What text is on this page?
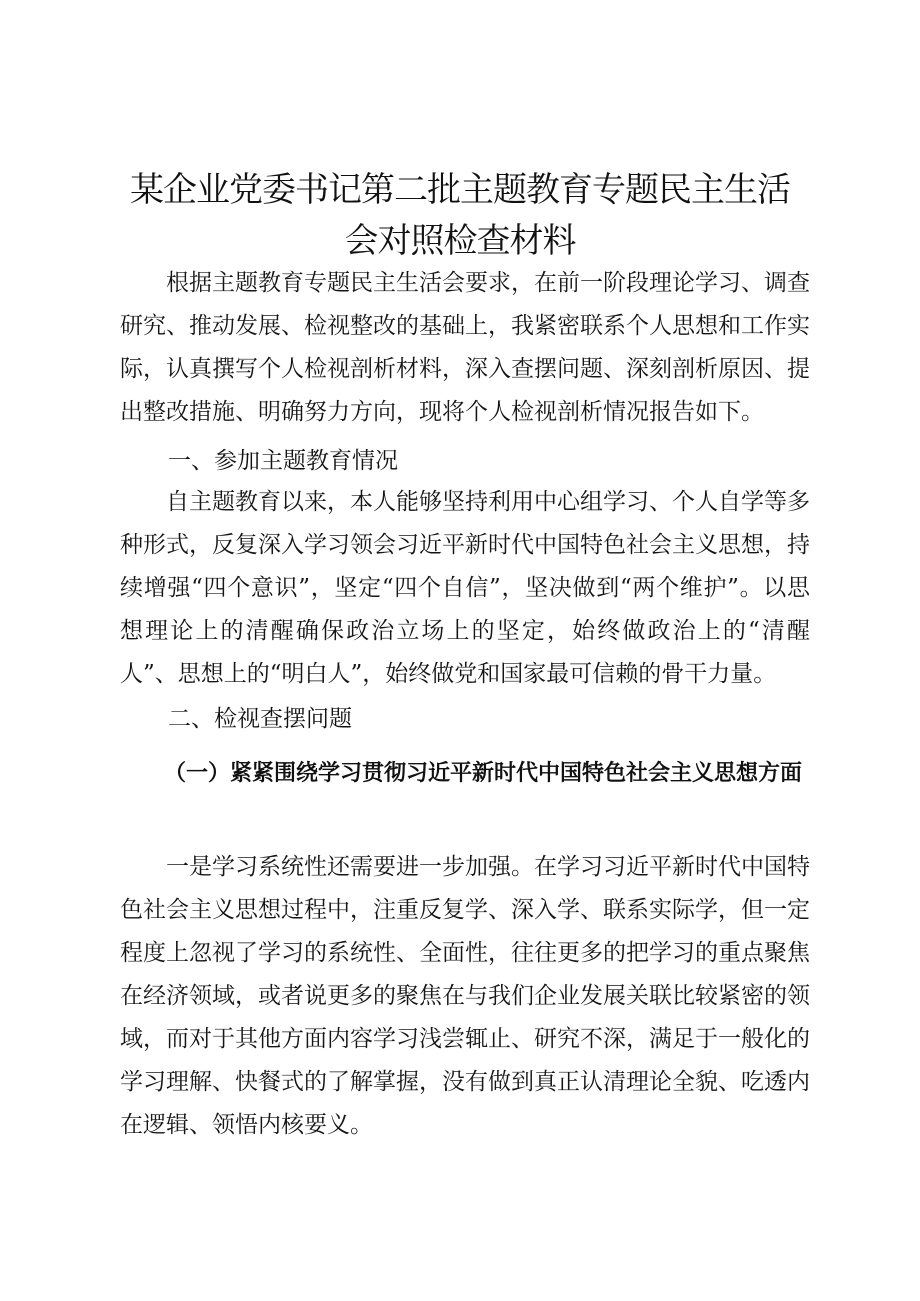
某企业党委书记第二批主题教育专题民主生活
会对照检查材料
根据主题教育专题民主生活会要求，在前一阶段理论学习、调查研究、推动发展、检视整改的基础上，我紧密联系个人思想和工作实际，认真撰写个人检视剖析材料，深入查摆问题、深刻剖析原因、提出整改措施、明确努力方向，现将个人检视剖析情况报告如下。
一、参加主题教育情况
自主题教育以来，本人能够坚持利用中心组学习、个人自学等多种形式，反复深入学习领会习近平新时代中国特色社会主义思想，持续增强“四个意识”，坚定“四个自信”，坚决做到“两个维护”。以思想理论上的清醒确保政治立场上的坚定，始终做政治上的“清醒人”、思想上的“明白人”，始终做党和国家最可信赖的骨干力量。
二、检视查摆问题
（一）紧紧围绕学习贯彻习近平新时代中国特色社会主义思想方面
一是学习系统性还需要进一步加强。在学习习近平新时代中国特色社会主义思想过程中，注重反复学、深入学、联系实际学，但一定程度上忽视了学习的系统性、全面性，往往更多的把学习的重点聚焦在经济领域，或者说更多的聚焦在与我们企业发展关联比较紧密的领域，而对于其他方面内容学习浅尝辄止、研究不深，满足于一般化的学习理解、快餐式的了解掌握，没有做到真正认清理论全貌、吃透内在逻辑、领悟内核要义。
